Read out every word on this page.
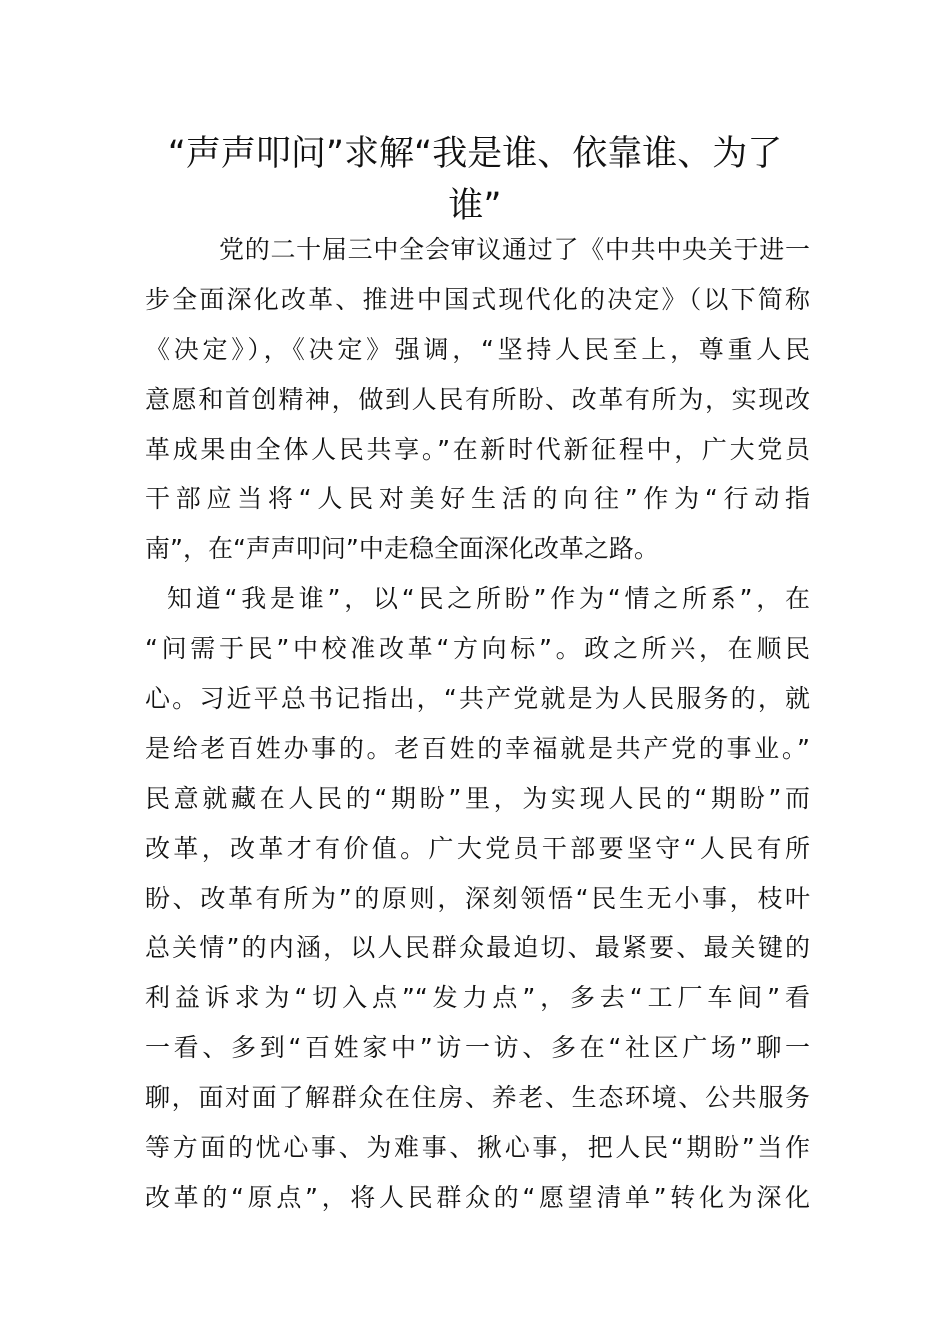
“声声叩问”求解“我是谁、依靠谁、为了
谁”
党的二十届三中全会审议通过了《中共中央关于进一
步全面深化改革、推进中国式现代化的决定》（以下简称
《决定》），《决定》强调，“坚持人民至上，尊重人民
意愿和首创精神，做到人民有所盼、改革有所为，实现改
革成果由全体人民共享。”在新时代新征程中，广大党员
干部应当将“人民对美好生活的向往”作为“行动指
南”，在“声声叩问”中走稳全面深化改革之路。
知道“我是谁”，以“民之所盼”作为“情之所系”，在
“问需于民”中校准改革“方向标”。政之所兴，在顺民
心。习近平总书记指出，“共产党就是为人民服务的，就
是给老百姓办事的。老百姓的幸福就是共产党的事业。”
民意就藏在人民的“期盼”里，为实现人民的“期盼”而
改革，改革才有价值。广大党员干部要坚守“人民有所
盼、改革有所为”的原则，深刻领悟“民生无小事，枝叶
总关情”的内涵，以人民群众最迫切、最紧要、最关键的
利益诉求为“切入点”“发力点”，多去“工厂车间”看
一看、多到“百姓家中”访一访、多在“社区广场”聊一
聊，面对面了解群众在住房、养老、生态环境、公共服务
等方面的忧心事、为难事、揪心事，把人民“期盼”当作
改革的“原点”，将人民群众的“愿望清单”转化为深化
